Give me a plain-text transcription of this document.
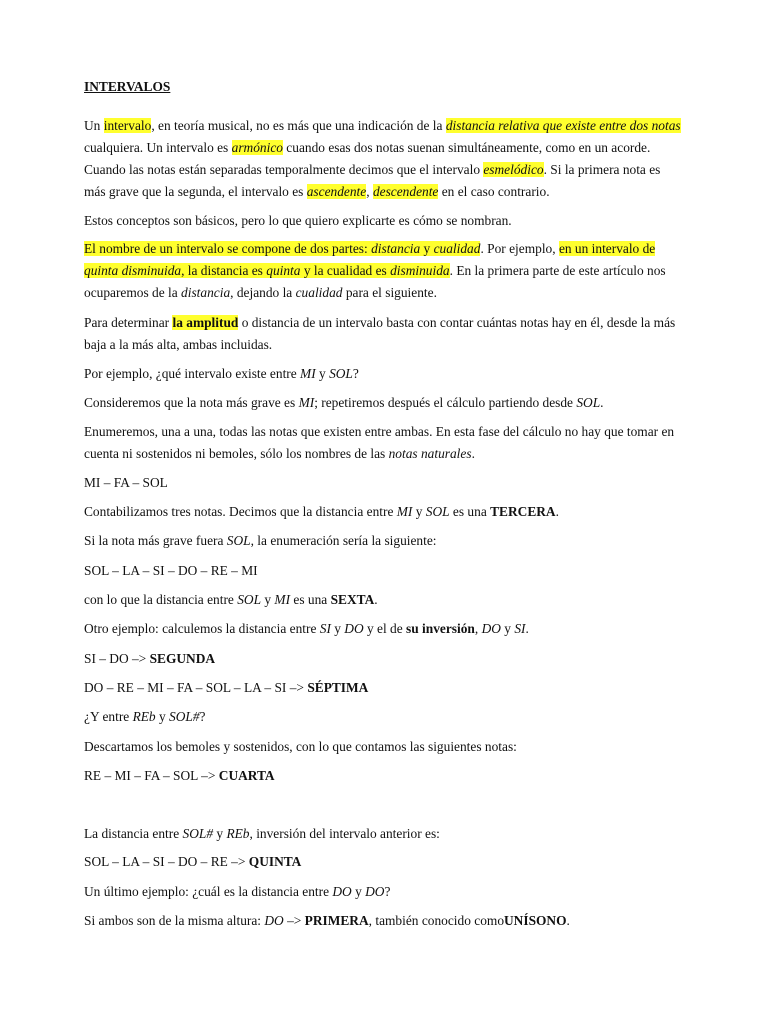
INTERVALOS

Un intervalo, en teoría musical, no es más que una indicación de la distancia relativa que existe entre dos notas cualquiera. Un intervalo es armónico cuando esas dos notas suenan simultáneamente, como en un acorde. Cuando las notas están separadas temporalmente decimos que el intervalo esmelódico. Si la primera nota es más grave que la segunda, el intervalo es ascendente, descendente en el caso contrario.

Estos conceptos son básicos, pero lo que quiero explicarte es cómo se nombran.

El nombre de un intervalo se compone de dos partes: distancia y cualidad. Por ejemplo, en un intervalo de quinta disminuida, la distancia es quinta y la cualidad es disminuida. En la primera parte de este artículo nos ocuparemos de la distancia, dejando la cualidad para el siguiente.

Para determinar la amplitud o distancia de un intervalo basta con contar cuántas notas hay en él, desde la más baja a la más alta, ambas incluidas.

Por ejemplo, ¿qué intervalo existe entre MI y SOL?

Consideremos que la nota más grave es MI; repetiremos después el cálculo partiendo desde SOL.

Enumeremos, una a una, todas las notas que existen entre ambas. En esta fase del cálculo no hay que tomar en cuenta ni sostenidos ni bemoles, sólo los nombres de las notas naturales.

MI – FA – SOL

Contabilizamos tres notas. Decimos que la distancia entre MI y SOL es una TERCERA.

Si la nota más grave fuera SOL, la enumeración sería la siguiente:

SOL – LA – SI – DO – RE – MI

con lo que la distancia entre SOL y MI es una SEXTA.

Otro ejemplo: calculemos la distancia entre SI y DO y el de su inversión, DO y SI.

SI – DO –> SEGUNDA

DO – RE – MI – FA – SOL – LA – SI –> SÉPTIMA

¿Y entre REb y SOL#?

Descartamos los bemoles y sostenidos, con lo que contamos las siguientes notas:

RE – MI – FA – SOL –> CUARTA

La distancia entre SOL# y REb, inversión del intervalo anterior es:

SOL – LA – SI – DO – RE –> QUINTA

Un último ejemplo: ¿cuál es la distancia entre DO y DO?

Si ambos son de la misma altura: DO –> PRIMERA, también conocido comoUNÍSONO.
